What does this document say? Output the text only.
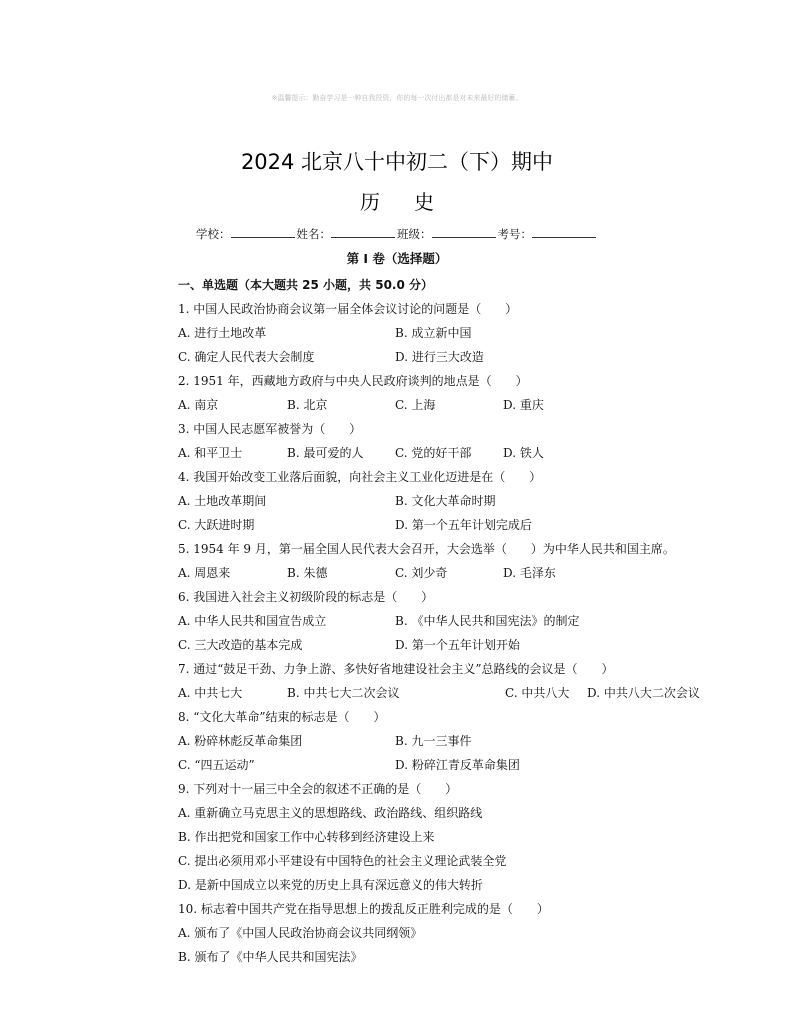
※温馨提示：勤奋学习是一种自我投资，你的每一次付出都是对未来最好的储蓄。
2024 北京八十中初二（下）期中
历史
学校：	姓名：	班级：	考号：
第 I 卷（选择题）
一、单选题（本大题共 25 小题，共 50.0 分）
1. 中国人民政治协商会议第一届全体会议讨论的问题是（　　）
A. 进行土地改革	B. 成立新中国
C. 确定人民代表大会制度	D. 进行三大改造
2. 1951 年，西藏地方政府与中央人民政府谈判的地点是（　　）
A. 南京	B. 北京	C. 上海	D. 重庆
3. 中国人民志愿军被誉为（　　）
A. 和平卫士	B. 最可爱的人	C. 党的好干部	D. 铁人
4. 我国开始改变工业落后面貌，向社会主义工业化迈进是在（　　）
A. 土地改革期间	B. 文化大革命时期
C. 大跃进时期	D. 第一个五年计划完成后
5. 1954 年 9 月，第一届全国人民代表大会召开，大会选举（　　）为中华人民共和国主席。
A. 周恩来	B. 朱德	C. 刘少奇	D. 毛泽东
6. 我国进入社会主义初级阶段的标志是（　　）
A. 中华人民共和国宣告成立	B. 《中华人民共和国宪法》的制定
C. 三大改造的基本完成	D. 第一个五年计划开始
7. 通过“鼓足干劲、力争上游、多快好省地建设社会主义”总路线的会议是（　　）
A. 中共七大	B. 中共七大二次会议	C. 中共八大 D. 中共八大二次会议
8. “文化大革命”结束的标志是（　　）
A. 粉碎林彪反革命集团	B. 九一三事件
C. “四五运动”	D. 粉碎江青反革命集团
9. 下列对十一届三中全会的叙述不正确的是（　　）
A. 重新确立马克思主义的思想路线、政治路线、组织路线
B. 作出把党和国家工作中心转移到经济建设上来
C. 提出必须用邓小平建设有中国特色的社会主义理论武装全党
D. 是新中国成立以来党的历史上具有深远意义的伟大转折
10. 标志着中国共产党在指导思想上的拨乱反正胜利完成的是（　　）
A. 颁布了《中国人民政治协商会议共同纲领》
B. 颁布了《中华人民共和国宪法》
